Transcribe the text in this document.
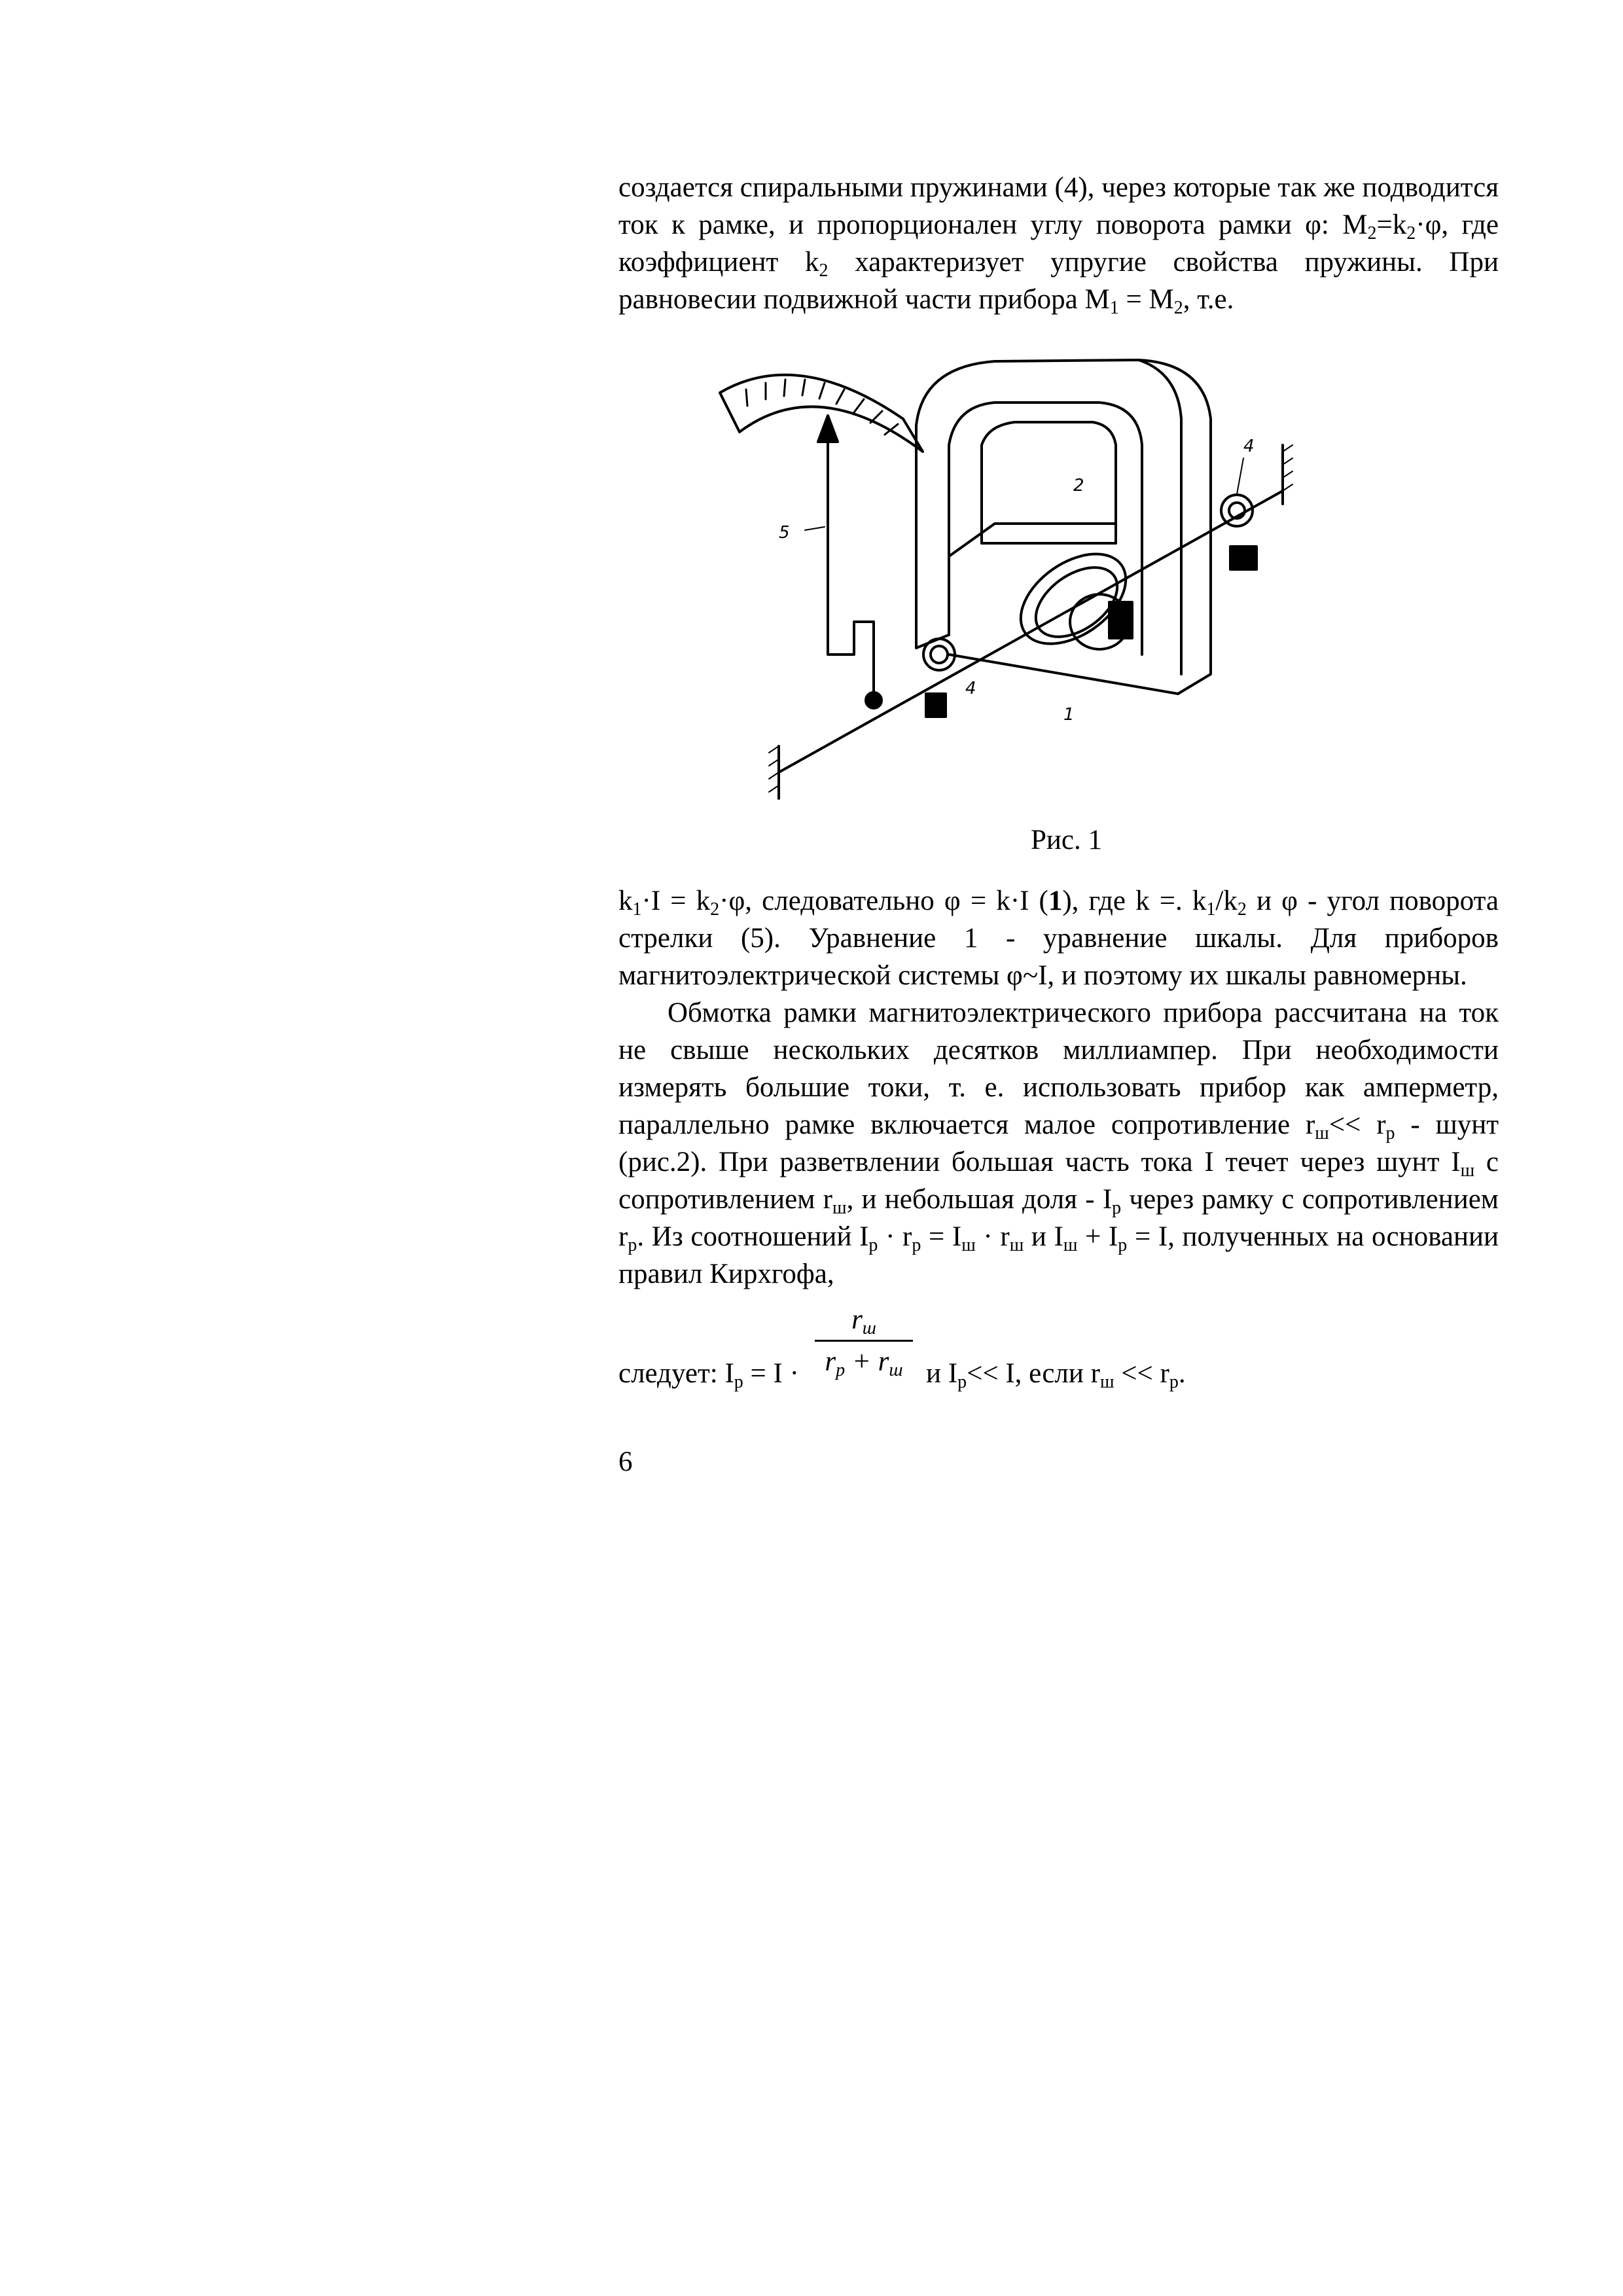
создается спиральными пружинами (4), через которые так же подводится ток к рамке, и пропорционален углу поворота рамки φ: $M_2=k_2\cdot\varphi$, где коэффициент $k_2$ характеризует упругие свойства пружины. При равновесии подвижной части прибора $M_1 = M_2$, т.е.

5
2
4
4
1
Рис. 1

$k_1\cdot I = k_2\cdot\varphi$, следовательно φ = k·I (1), где k =. $k_1/k_2$ и φ - угол поворота стрелки (5). Уравнение 1 - уравнение шкалы. Для приборов магнитоэлектрической системы φ~I, и поэтому их шкалы равномерны.

Обмотка рамки магнитоэлектрического прибора рассчитана на ток не свыше нескольких десятков миллиампер. При необходимости измерять большие токи, т. е. использовать прибор как амперметр, параллельно рамке включается малое сопротивление $r_ш<< r_p$ - шунт (рис.2). При разветвлении большая часть тока I течет через шунт $I_ш$ с сопротивлением $r_ш$, и небольшая доля - $I_p$ через рамку с сопротивлением $r_p$. Из соотношений $I_p \cdot r_p = I_ш \cdot r_ш$ и $I_ш + I_p = I$, полученных на основании правил Кирхгофа,

следует: $I_p = I$ ·
$r_ш$
$r_p + r_ш$ и $I_p<< I$, если $r_ш << r_p$.
6
